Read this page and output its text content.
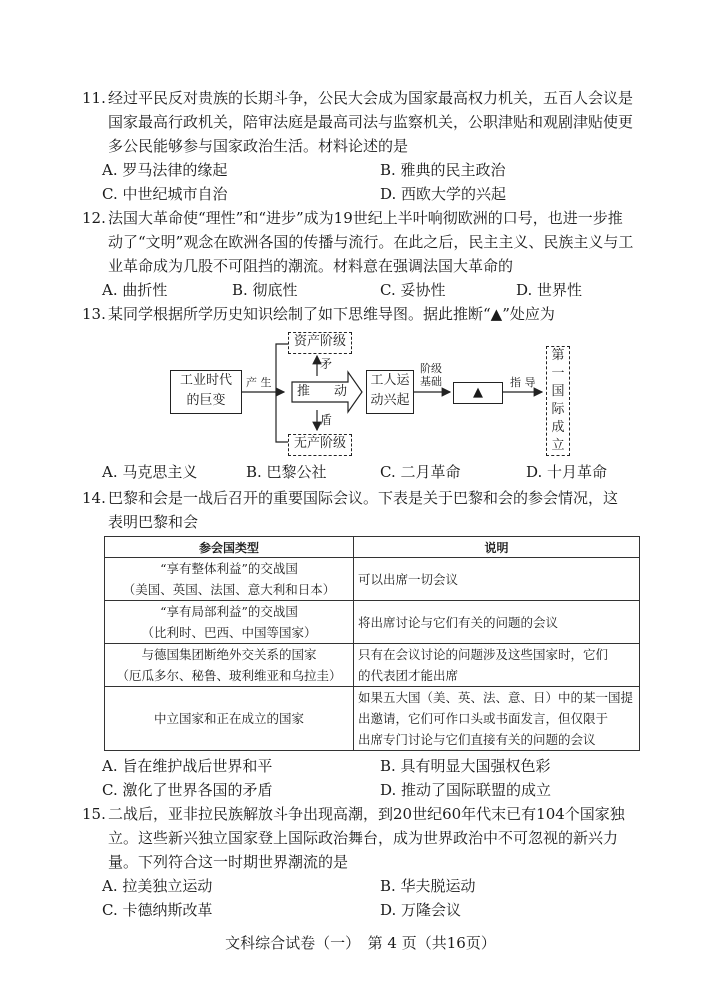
11. 经过平民反对贵族的长期斗争，公民大会成为国家最高权力机关，五百人会议是
国家最高行政机关，陪审法庭是最高司法与监察机关，公职津贴和观剧津贴使更
多公民能够参与国家政治生活。材料论述的是
A. 罗马法律的缘起	B. 雅典的民主政治
C. 中世纪城市自治	D. 西欧大学的兴起
12. 法国大革命使“理性”和“进步”成为19世纪上半叶响彻欧洲的口号，也进一步推
动了“文明”观念在欧洲各国的传播与流行。在此之后，民主主义、民族主义与工
业革命成为几股不可阻挡的潮流。材料意在强调法国大革命的
A. 曲折性	B. 彻底性	C. 妥协性	D. 世界性
13. 某同学根据所学历史知识绘制了如下思维导图。据此推断“▲”处应为
工业时代
的巨变
产 生
资产阶级
无产阶级
矛
盾
推 动
工人运
动兴起
阶级
基础
▲
指 导
第
一
国
际
成
立
A. 马克思主义	B. 巴黎公社	C. 二月革命	D. 十月革命
14. 巴黎和会是一战后召开的重要国际会议。下表是关于巴黎和会的参会情况，这
表明巴黎和会
参会国类型	说明

“享有整体利益”的交战国
（美国、英国、法国、意大利和日本）	可以出席一切会议

“享有局部利益”的交战国
（比利时、巴西、中国等国家）	将出席讨论与它们有关的问题的会议

与德国集团断绝外交关系的国家
（厄瓜多尔、秘鲁、玻利维亚和乌拉圭）	只有在会议讨论的问题涉及这些国家时，它们
的代表团才能出席

中立国家和正在成立的国家	如果五大国（美、英、法、意、日）中的某一国提
出邀请，它们可作口头或书面发言，但仅限于
出席专门讨论与它们直接有关的问题的会议
A. 旨在维护战后世界和平	B. 具有明显大国强权色彩
C. 激化了世界各国的矛盾	D. 推动了国际联盟的成立
15. 二战后，亚非拉民族解放斗争出现高潮，到20世纪60年代末已有104个国家独
立。这些新兴独立国家登上国际政治舞台，成为世界政治中不可忽视的新兴力
量。下列符合这一时期世界潮流的是
A. 拉美独立运动	B. 华夫脱运动
C. 卡德纳斯改革	D. 万隆会议
文科综合试卷（一）　第 4 页（共16页）
